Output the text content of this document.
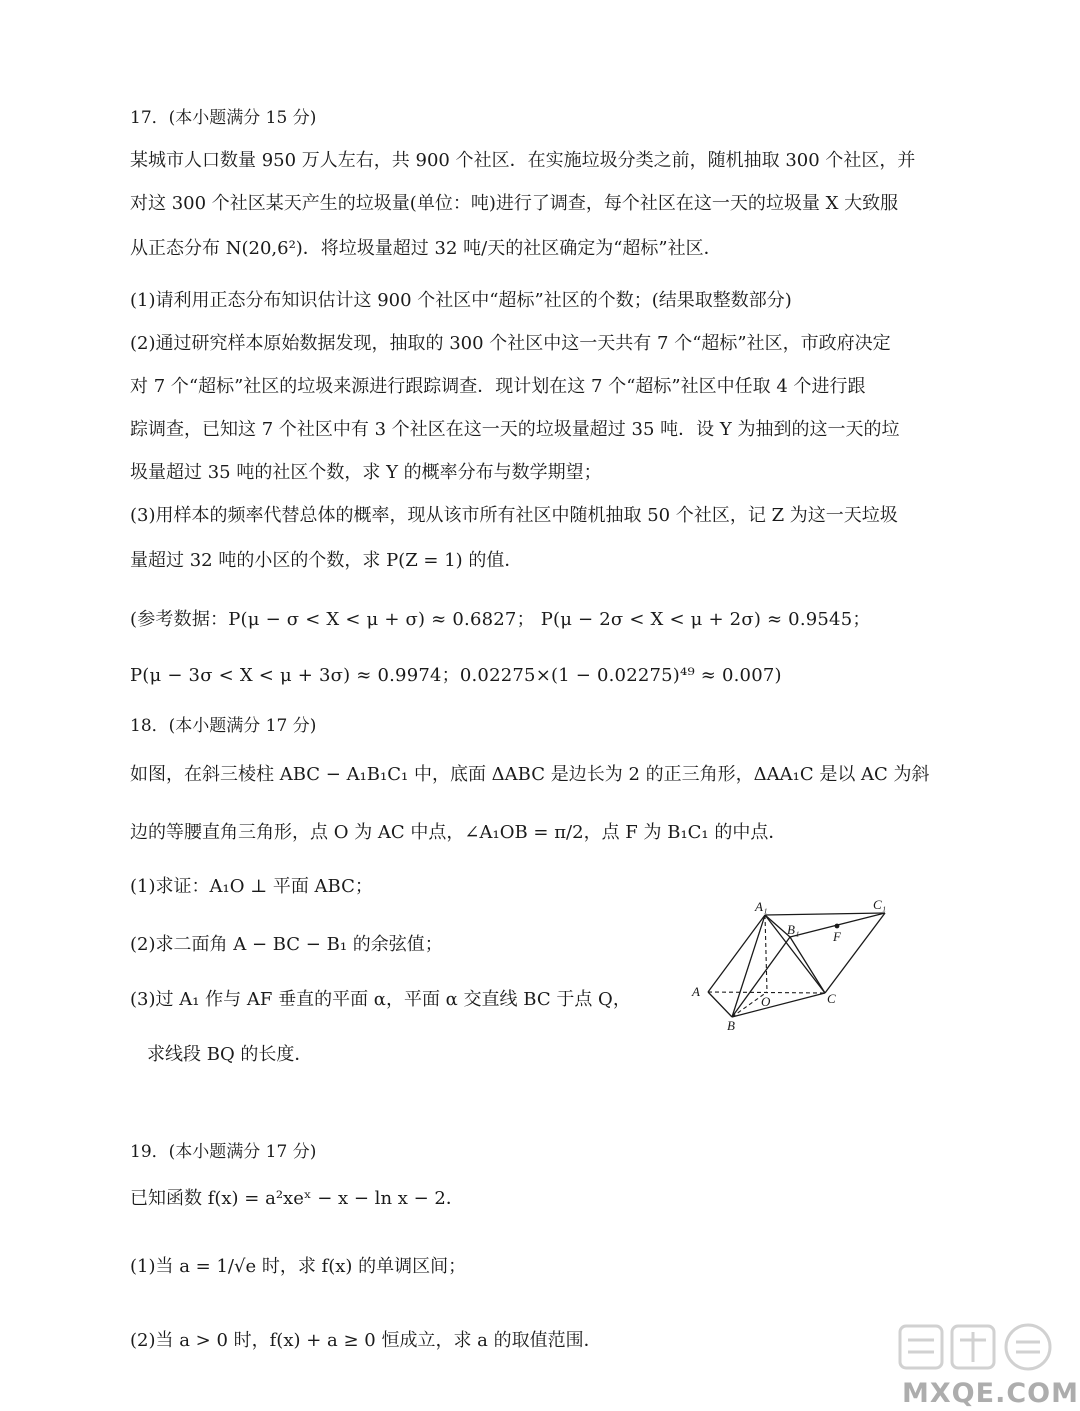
17．(本小题满分 15 分)
某城市人口数量 950 万人左右，共 900 个社区．在实施垃圾分类之前，随机抽取 300 个社区，并
对这 300 个社区某天产生的垃圾量(单位：吨)进行了调查，每个社区在这一天的垃圾量 X 大致服
从正态分布 N(20,6²)．将垃圾量超过 32 吨/天的社区确定为“超标”社区．
(1)请利用正态分布知识估计这 900 个社区中“超标”社区的个数；(结果取整数部分)
(2)通过研究样本原始数据发现，抽取的 300 个社区中这一天共有 7 个“超标”社区，市政府决定
对 7 个“超标”社区的垃圾来源进行跟踪调查．现计划在这 7 个“超标”社区中任取 4 个进行跟
踪调查，已知这 7 个社区中有 3 个社区在这一天的垃圾量超过 35 吨．设 Y 为抽到的这一天的垃
圾量超过 35 吨的社区个数，求 Y 的概率分布与数学期望；
(3)用样本的频率代替总体的概率，现从该市所有社区中随机抽取 50 个社区，记 Z 为这一天垃圾
量超过 32 吨的小区的个数，求 P(Z = 1) 的值．
(参考数据：P(μ − σ < X < μ + σ) ≈ 0.6827； P(μ − 2σ < X < μ + 2σ) ≈ 0.9545；
P(μ − 3σ < X < μ + 3σ) ≈ 0.9974；0.02275×(1 − 0.02275)⁴⁹ ≈ 0.007)
18．(本小题满分 17 分)
如图，在斜三棱柱 ABC − A₁B₁C₁ 中，底面 ΔABC 是边长为 2 的正三角形，ΔAA₁C 是以 AC 为斜
边的等腰直角三角形，点 O 为 AC 中点，∠A₁OB = π/2，点 F 为 B₁C₁ 的中点．
(1)求证：A₁O ⊥ 平面 ABC；
(2)求二面角 A − BC − B₁ 的余弦值；
(3)过 A₁ 作与 AF 垂直的平面 α，平面 α 交直线 BC 于点 Q，
求线段 BQ 的长度．
A₁	C₁
B₁	F
A
O	C
B
19．(本小题满分 17 分)
已知函数 f(x) = a²xeˣ − x − ln x − 2．
(1)当 a = 1/√e 时，求 f(x) 的单调区间；
(2)当 a > 0 时，f(x) + a ≥ 0 恒成立，求 a 的取值范围．
MXQE.COM
